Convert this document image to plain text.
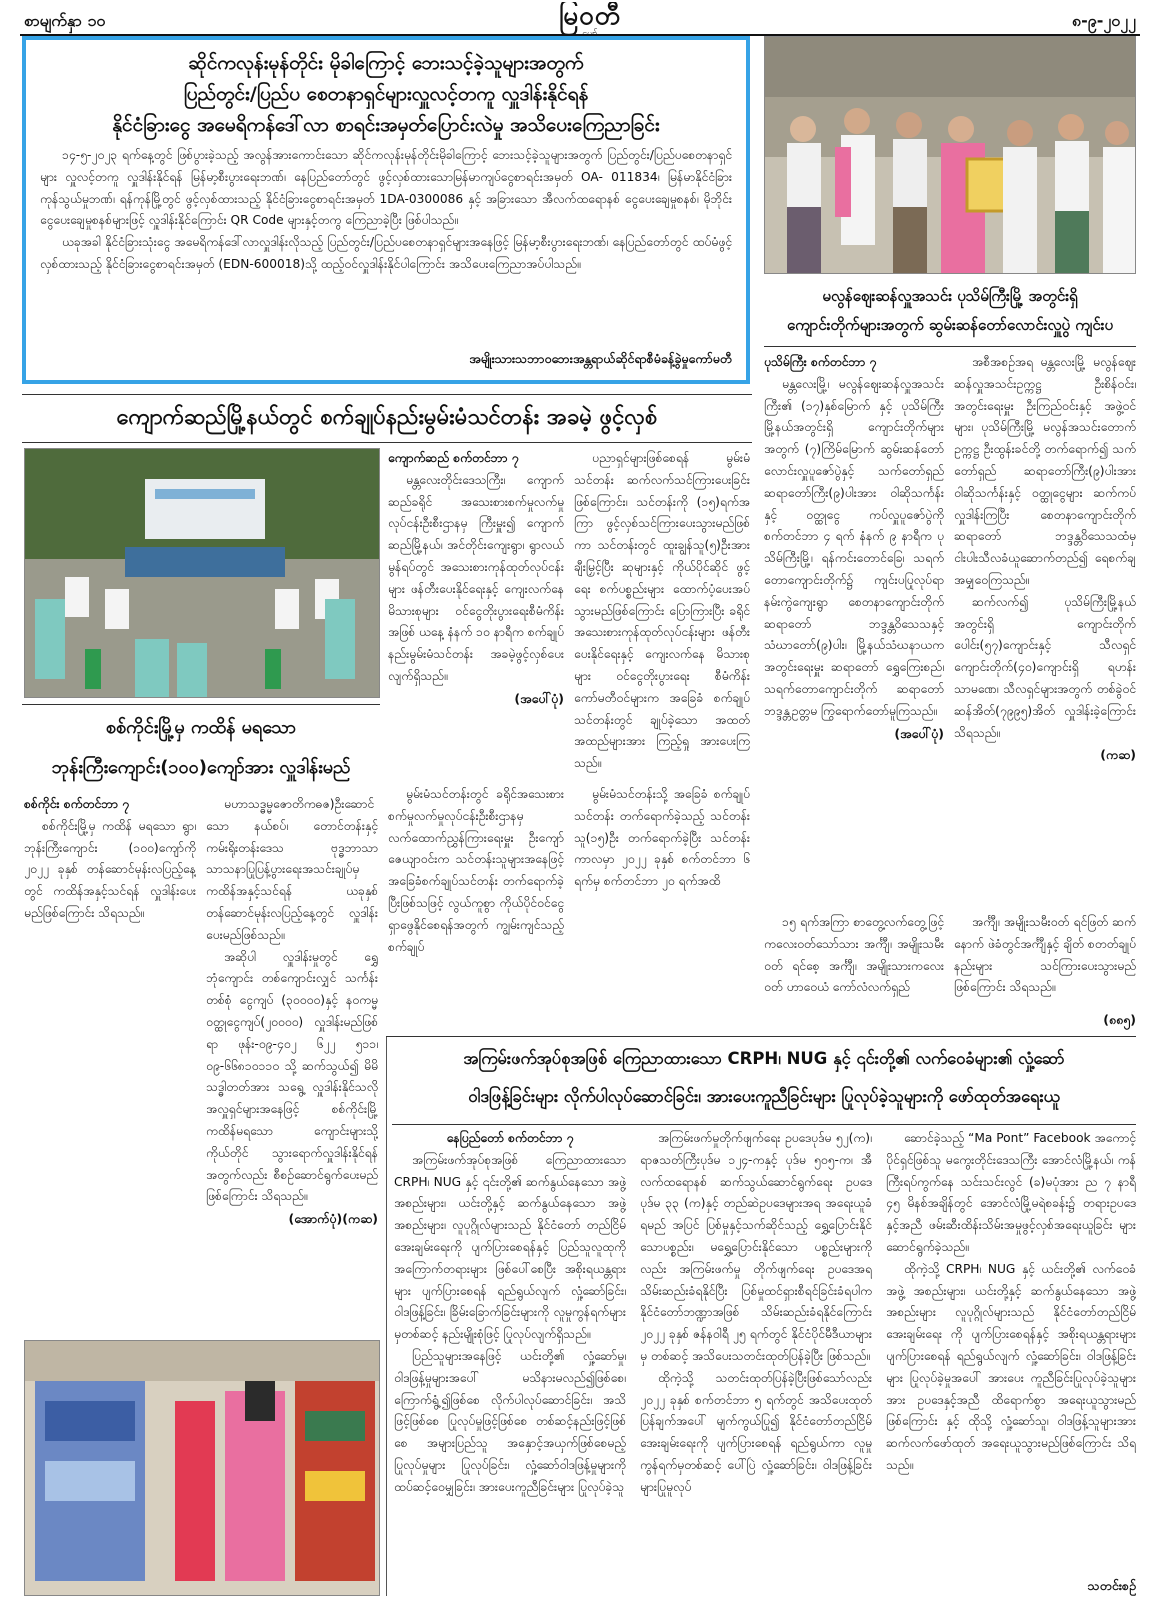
စာမျက်နှာ ၁၀	မြဝတီ
မျှော်
၈-၉-၂၀၂၂
ဆိုင်ကလုန်းမုန်တိုင်း မိုခါကြောင့် ဘေးသင့်ခဲ့သူများအတွက်
ပြည်တွင်း/ပြည်ပ စေတနာရှင်များလှူလင့်တကူ လှူဒါန်းနိုင်ရန်
နိုင်ငံခြားငွေ အမေရိကန်ဒေါ်လာ စာရင်းအမှတ်ပြောင်းလဲမှု အသိပေးကြေညာခြင်း

၁၄-၅-၂၀၂၃ ရက်နေ့တွင် ဖြစ်ပွားခဲ့သည့် အလွန်အားကောင်းသော ဆိုင်ကလုန်းမုန်တိုင်းမိုခါကြောင့် ဘေးသင့်ခဲ့သူများအတွက် ပြည်တွင်း/ပြည်ပစေတနာရှင်များ လှူလင့်တကူ လှူဒါန်းနိုင်ရန် မြန်မာ့စီးပွားရေးဘဏ်၊ နေပြည်တော်တွင် ဖွင့်လှစ်ထားသောမြန်မာကျပ်ငွေစာရင်းအမှတ် OA- 011834၊ မြန်မာနိုင်ငံခြားကုန်သွယ်မှုဘဏ်၊ ရန်ကုန်မြို့တွင် ဖွင့်လှစ်ထားသည့် နိုင်ငံခြားငွေစာရင်းအမှတ် 1DA-0300086 နှင့် အခြားသော အီလက်ထရောနစ် ငွေပေးချေမှုစနစ်၊ မိုဘိုင်းငွေပေးချေမှုစနစ်များဖြင့် လှူဒါန်းနိုင်ကြောင်း QR Code များနှင့်တကွ ကြေညာခဲ့ပြီး ဖြစ်ပါသည်။

ယခုအခါ နိုင်ငံခြားသုံးငွေ အမေရိကန်ဒေါ်လာလှူဒါန်းလိုသည့် ပြည်တွင်း/ပြည်ပစေတနာရှင်များအနေဖြင့် မြန်မာ့စီးပွားရေးဘဏ်၊ နေပြည်တော်တွင် ထပ်မံဖွင့်လှစ်ထားသည့် နိုင်ငံခြားငွေစာရင်းအမှတ် (EDN-600018)သို့ ထည့်ဝင်လှူဒါန်းနိုင်ပါကြောင်း အသိပေးကြေညာအပ်ပါသည်။

အမျိုးသားသဘာဝဘေးအန္တရာယ်ဆိုင်ရာစီမံခန့်ခွဲမှုကော်မတီ
မလွန်ဈေးဆန်လှူအသင်း ပုသိမ်ကြီးမြို့ အတွင်းရှိ
ကျောင်းတိုက်များအတွက် ဆွမ်းဆန်တော်လောင်းလှူပွဲ ကျင်းပ
ပုသိမ်ကြီး စက်တင်ဘာ ၇

မန္တလေးမြို့၊ မလွန်ဈေးဆန်လှူအသင်းကြီး၏ (၁၇)နှစ်မြောက် နှင့် ပုသိမ်ကြီးမြို့နယ်အတွင်းရှိ ကျောင်းတိုက်များအတွက် (၇)ကြိမ်မြောက် ဆွမ်းဆန်တော် လောင်းလှူပူဇော်ပွဲနှင့် သက်တော်ရှည် ဆရာတော်ကြီး(၉)ပါးအား ဝါဆိုသင်္ကန်းနှင့် ဝတ္ထုငွေ ကပ်လှူပူဇော်ပွဲကို စက်တင်ဘာ ၄ ရက် နံနက် ၉ နာရီက ပုသိမ်ကြီးမြို့၊ ရန်ကင်းတောင်ခြေ၊ သရက်တောကျောင်းတိုက်၌ ကျင်းပပြုလုပ်ရာ နမ်းကွဲကျေးရွာ စေတနာကျောင်းတိုက် ဆရာတော် ဘဒ္ဒန္တဝိသေသနှင့် သံဃာတော်(၉)ပါး၊ မြို့နယ်သံဃနာယက အတွင်းရေးမှူး ဆရာတော် ရွှေကြေးစည်၊ သရက်တောကျောင်းတိုက် ဆရာတော် ဘဒ္ဒန္တဥတ္တမ ကြွရောက်တော်မူကြသည်။

(အပေါ်ပုံ)

အစီအစဉ်အရ မန္တလေးမြို့ မလွန်ဈေးဆန်လှူအသင်းဥက္ကဋ္ဌ ဦးစိန်ဝင်း၊ အတွင်းရေးမှူး ဦးကြည်ဝင်းနှင့် အဖွဲ့ဝင်များ၊ ပုသိမ်ကြီးမြို့ မလွန်အသင်းတောက်ဥက္ကဋ္ဌ ဦးထွန်းခင်တို့ တက်ရောက်၍ သက်တော်ရှည် ဆရာတော်ကြီး(၉)ပါးအား ဝါဆိုသင်္ကန်းနှင့် ဝတ္ထုငွေများ ဆက်ကပ်လှူဒါန်းကြပြီး စေတနာကျောင်းတိုက် ဆရာတော် ဘဒ္ဒန္တဝိသေသထံမှ ငါးပါးသီလခံယူဆောက်တည်၍ ရေစက်ချ အမျှဝေကြသည်။

ဆက်လက်၍ ပုသိမ်ကြီးမြို့နယ်အတွင်းရှိ ကျောင်းတိုက်ပေါင်း(၅၇)ကျောင်းနှင့် သီလရှင်ကျောင်းတိုက်(၄၀)ကျောင်းရှိ ရဟန်းသာမဏေ၊ သီလရှင်များအတွက် တစ်ခွဲဝင်ဆန်အိတ်(၇၉၉၅)အိတ် လှူဒါန်းခဲ့ကြောင်း သိရသည်။

(ကဆ)
ကျောက်ဆည်မြို့နယ်တွင် စက်ချုပ်နည်းမွမ်းမံသင်တန်း အခမဲ့ ဖွင့်လှစ်
ကျောက်ဆည် စက်တင်ဘာ ၇

မန္တလေးတိုင်းဒေသကြီး၊ ကျောက်ဆည်ခရိုင် အသေးစားစက်မှုလက်မှုလုပ်ငန်းဦးစီးဌာနမှ ကြီးမှူး၍ ကျောက်ဆည်မြို့နယ်၊ အင်တိုင်းကျေးရွာ၊ ရွာလယ်မွန်ရပ်တွင် အသေးစားကုန်ထုတ်လုပ်ငန်းများ ဖန်တီးပေးနိုင်ရေးနှင့် ကျေးလက်နေမိသားစုများ ဝင်ငွေတိုးပွားရေးစီမံကိန်းအဖြစ် ယနေ့ နံနက် ၁၀ နာရီက စက်ချုပ်နည်းမွမ်းမံသင်တန်း အခမဲ့ဖွင့်လှစ်ပေးလျက်ရှိသည်။

(အပေါ်ပုံ)

ပညာရှင်များဖြစ်စေရန် မွမ်းမံသင်တန်း ဆက်လက်သင်ကြားပေးခြင်းဖြစ်ကြောင်း၊ သင်တန်းကို (၁၅)ရက်အကြာ ဖွင့်လှစ်သင်ကြားပေးသွားမည်ဖြစ်ကာ သင်တန်းတွင် ထူးချွန်သူ(၅)ဦးအား ချီးမြှင့်ပြီး ဆုများနှင့် ကိုယ်ပိုင်ဆိုင် ဖွင့်ရေး စက်ပစ္စည်းများ ထောက်ပံ့ပေးအပ်သွားမည်ဖြစ်ကြောင်း ပြောကြားပြီး ခရိုင်အသေးစားကုန်ထုတ်လုပ်ငန်းများ ဖန်တီးပေးနိုင်ရေးနှင့် ကျေးလက်နေ မိသားစု များ ဝင်ငွေတိုးပွားရေး စီမံကိန်း ကော်မတီဝင်များက အခြေခံ စက်ချုပ်သင်တန်းတွင် ချုပ်ခဲ့သော အထတ်အထည်များအား ကြည့်ရှု အားပေးကြသည်။

မွမ်းမံသင်တန်းတွင် ခရိုင်အသေးစားစက်မှုလက်မှုလုပ်ငန်းဦးစီးဌာနမှ လက်ထောက်ညွှန်ကြားရေးမှူး ဦးကျော်ဇေယျာဝင်းက သင်တန်းသူများအနေဖြင့် အခြေခံစက်ချုပ်သင်တန်း တက်ရောက်ခဲ့ပြီးဖြစ်သဖြင့် လွယ်ကူစွာ ကိုယ်ပိုင်ဝင်ငွေရှာဖွေနိုင်စေရန်အတွက် ကျွမ်းကျင်သည့် စက်ချုပ်

မွမ်းမံသင်တန်းသို့ အခြေခံ စက်ချုပ်သင်တန်း တက်ရောက်ခဲ့သည့် သင်တန်းသူ(၁၅)ဦး တက်ရောက်ခဲ့ပြီး သင်တန်းကာလမှာ ၂၀၂၂ ခုနှစ် စက်တင်ဘာ ၆ ရက်မှ စက်တင်ဘာ ၂၀ ရက်အထိ

၁၅ ရက်အကြာ စာတွေ့လက်တွေ့ဖြင့် ကလေးဝတ်သော်သား အင်္ကျီ၊ အမျိုးသမီးဝတ် ရင်စေ့ အင်္ကျီ၊ အမျိုးသားကလေးဝတ် ဟာဝေယံ ကော်လံလက်ရှည်

အင်္ကျီ၊ အမျိုးသမီးဝတ် ရင်ဖြတ် ဆက်နောက် ဖဲခံတွင်အင်္ကျီနှင့် ချိတ် စတတ်ချုပ်နည်းများ သင်ကြားပေးသွားမည်ဖြစ်ကြောင်း သိရသည်။

(၈၈၅)
စစ်ကိုင်းမြို့မှ ကထိန် မရသော
ဘုန်းကြီးကျောင်း(၁၀၀)ကျော်အား လှူဒါန်းမည်
စစ်ကိုင်း စက်တင်ဘာ ၇

စစ်ကိုင်းမြို့မှ ကထိန် မရသော ရွာ၊ ဘုန်းကြီးကျောင်း (၁၀၀)ကျော်ကို ၂၀၂၂ ခုနှစ် တန်ဆောင်မုန်းလပြည့်နေ့တွင် ကထိန်အနှင့်သင်ရန် လှူဒါန်းပေးမည်ဖြစ်ကြောင်း သိရသည်။

မဟာသဒ္ဓမ္မဇောတိကဓဇ)ဦးဆောင်သော နယ်စပ်၊ တောင်တန်းနှင့် ကမ်းရိုးတန်းဒေသ ဗုဒ္ဓဘာသာ သာသနာပြုပြန့်ပွားရေးအသင်းချုပ်မှ ကထိန်အနှင့်သင်ရန် ယခုနှစ် တန်ဆောင်မုန်းလပြည့်နေ့တွင် လှူဒါန်းပေးမည်ဖြစ်သည်။

အဆိုပါ လှူဒါန်းမှုတွင် ရွှေဘုံကျောင်း တစ်ကျောင်းလျှင် သင်္ကန်းတစ်စုံ ငွေကျပ် (၃၀၀၀၀)နှင့် နဝကမ္မဝတ္ထုငွေကျပ်(၂၀၀၀၀) လှူဒါန်းမည်ဖြစ်ရာ ဖုန်း-၀၉-၄၀၂ ၆၂၂ ၅၁၁၊ ၀၉-၆၆၈၁၀၁၁၀ သို့ ဆက်သွယ်၍ မိမိသဒ္ဓါတတ်အား သရွေ့ လှူဒါန်းနိုင်သလို အလှူရှင်များအနေဖြင့် စစ်ကိုင်းမြို့ ကထိန်မရသော ကျောင်းများသို့ ကိုယ်တိုင် သွားရောက်လှူဒါန်းနိုင်ရန်အတွက်လည်း စီစဉ်ဆောင်ရွက်ပေးမည်ဖြစ်ကြောင်း သိရသည်။

(အောက်ပုံ)(ကဆ)
အကြမ်းဖက်အုပ်စုအဖြစ် ကြေညာထားသော CRPH၊ NUG နှင့် ၎င်းတို့၏ လက်ဝေခံများ၏ လှုံ့ဆော်
ဝါဒဖြန့်ခြင်းများ လိုက်ပါလုပ်ဆောင်ခြင်း၊ အားပေးကူညီခြင်းများ ပြုလုပ်ခဲ့သူများကို ဖော်ထုတ်အရေးယူ
နေပြည်တော် စက်တင်ဘာ ၇

အကြမ်းဖက်အုပ်စုအဖြစ် ကြေညာထားသော CRPH၊ NUG နှင့် ၎င်းတို့၏ ဆက်နွယ်နေသော အဖွဲ့အစည်းများ၊ ယင်းတို့နှင့် ဆက်နွယ်နေသော အဖွဲ့အစည်းများ၊ လူပုဂ္ဂိုလ်များသည် နိုင်ငံတော် တည်ငြိမ်အေးချမ်းရေးကို ပျက်ပြားစေရန်နှင့် ပြည်သူလူထုကို အကြောက်တရားများ ဖြစ်ပေါ်စေပြီး အစိုးရယန္တရားများ ပျက်ပြားစေရန် ရည်ရွယ်လျက် လှုံ့ဆော်ခြင်း၊ ဝါဒဖြန့်ခြင်း၊ ခြိမ်းခြောက်ခြင်းများကို လူမှုကွန်ရက်များမှတစ်ဆင့် နည်းမျိုးစုံဖြင့် ပြုလုပ်လျက်ရှိသည်။

ပြည်သူများအနေဖြင့် ယင်းတို့၏ လှုံ့ဆော်မှု၊ ဝါဒဖြန့်မှုများအပေါ် မသိနားမလည်၍ဖြစ်စေ၊ ကြောက်ရွံ့၍ဖြစ်စေ လိုက်ပါလုပ်ဆောင်ခြင်း၊ အသိဖြင့်ဖြစ်စေ ပြုလုပ်မှုဖြင့်ဖြစ်စေ တစ်ဆင့်နည်းဖြင့်ဖြစ်စေ အများပြည်သူ အနှောင့်အယှက်ဖြစ်စေမည့် ပြုလုပ်မှုများ ပြုလုပ်ခြင်း၊ လှုံ့ဆော်ဝါဒဖြန့်မှုများကို ထပ်ဆင့်ဝေမျှခြင်း၊ အားပေးကူညီခြင်းများ ပြုလုပ်ခဲ့သူ

အကြမ်းဖက်မှုတိုက်ဖျက်ရေး ဥပဒေပုဒ်မ ၅၂(က)၊ ရာဇသတ်ကြီးပုဒ်မ ၁၂၄-ကနှင့် ပုဒ်မ ၅၀၅-က၊ အီလက်ထရောနစ် ဆက်သွယ်ဆောင်ရွက်ရေး ဥပဒေပုဒ်မ ၃၃ (က)နှင့် တည်ဆဲဥပဒေများအရ အရေးယူခံရမည် အပြင် ပြစ်မှုနှင့်သက်ဆိုင်သည့် ရွှေ့ပြောင်းနိုင်သောပစ္စည်း၊ မရွှေ့ပြောင်းနိုင်သော ပစ္စည်းများကိုလည်း အကြမ်းဖက်မှု တိုက်ဖျက်ရေး ဥပဒေအရ သိမ်းဆည်းခံရနိုင်ပြီး ပြစ်မှုထင်ရှားစီရင်ခြင်းခံရပါက နိုင်ငံတော်ဘဏ္ဍာအဖြစ် သိမ်းဆည်းခံရနိုင်ကြောင်း ၂၀၂၂ ခုနှစ် ဇန်နဝါရီ ၂၅ ရက်တွင် နိုင်ငံပိုင်မီဒီယာများမှ တစ်ဆင့် အသိပေးသတင်းထုတ်ပြန်ခဲ့ပြီး ဖြစ်သည်။

ထိုကဲ့သို့ သတင်းထုတ်ပြန်ခဲ့ပြီးဖြစ်သော်လည်း ၂၀၂၂ ခုနှစ် စက်တင်ဘာ ၅ ရက်တွင် အသိပေးထုတ်ပြန်ချက်အပေါ် မျက်ကွယ်ပြု၍ နိုင်ငံတော်တည်ငြိမ်အေးချမ်းရေးကို ပျက်ပြားစေရန် ရည်ရွယ်ကာ လူမှုကွန်ရက်မှတစ်ဆင့် ပေါ်ပြဲ လှုံ့ဆော်ခြင်း၊ ဝါဒဖြန့်ခြင်းများပြုမူလုပ်

ဆောင်ခဲ့သည့် “Ma Pont” Facebook အကောင့် ပိုင်ရှင်ဖြစ်သူ မကွေးတိုင်းဒေသကြီး အောင်လံမြို့နယ်၊ ကန်ကြီးရပ်ကွက်နေ သင်းသင်းလွင် (ခ)မပုံအား ည ၇ နာရီ ၄၅ မိနစ်အချိန်တွင် အောင်လံမြို့မရဲစခန်း၌ တရားဥပဒေနှင့်အညီ ဖမ်းဆီးထိန်းသိမ်းအမှုဖွင့်လှစ်အရေးယူခြင်း များ ဆောင်ရွက်ခဲ့သည်။

ထိုကဲ့သို့ CRPH၊ NUG နှင့် ယင်းတို့၏ လက်ဝေခံအဖွဲ့ အစည်းများ၊ ယင်းတို့နှင့် ဆက်နွယ်နေသော အဖွဲ့အစည်းများ လူပုဂ္ဂိုလ်များသည် နိုင်ငံတော်တည်ငြိမ်အေးချမ်းရေး ကို ပျက်ပြားစေရန်နှင့် အစိုးရယန္တရားများ ပျက်ပြားစေရန် ရည်ရွယ်လျက် လှုံ့ဆော်ခြင်း၊ ဝါဒဖြန့်ခြင်းများ ပြုလုပ်ခဲ့မှုအပေါ် အားပေး ကူညီခြင်းပြုလုပ်ခဲ့သူများအား ဥပဒေနှင့်အညီ ထိရောက်စွာ အရေးယူသွားမည်ဖြစ်ကြောင်း နှင့် ထိုသို့ လှုံ့ဆော်သူ၊ ဝါဒဖြန့်သူများအား ဆက်လက်ဖော်ထုတ် အရေးယူသွားမည်ဖြစ်ကြောင်း သိရသည်။

သတင်းစဉ်
